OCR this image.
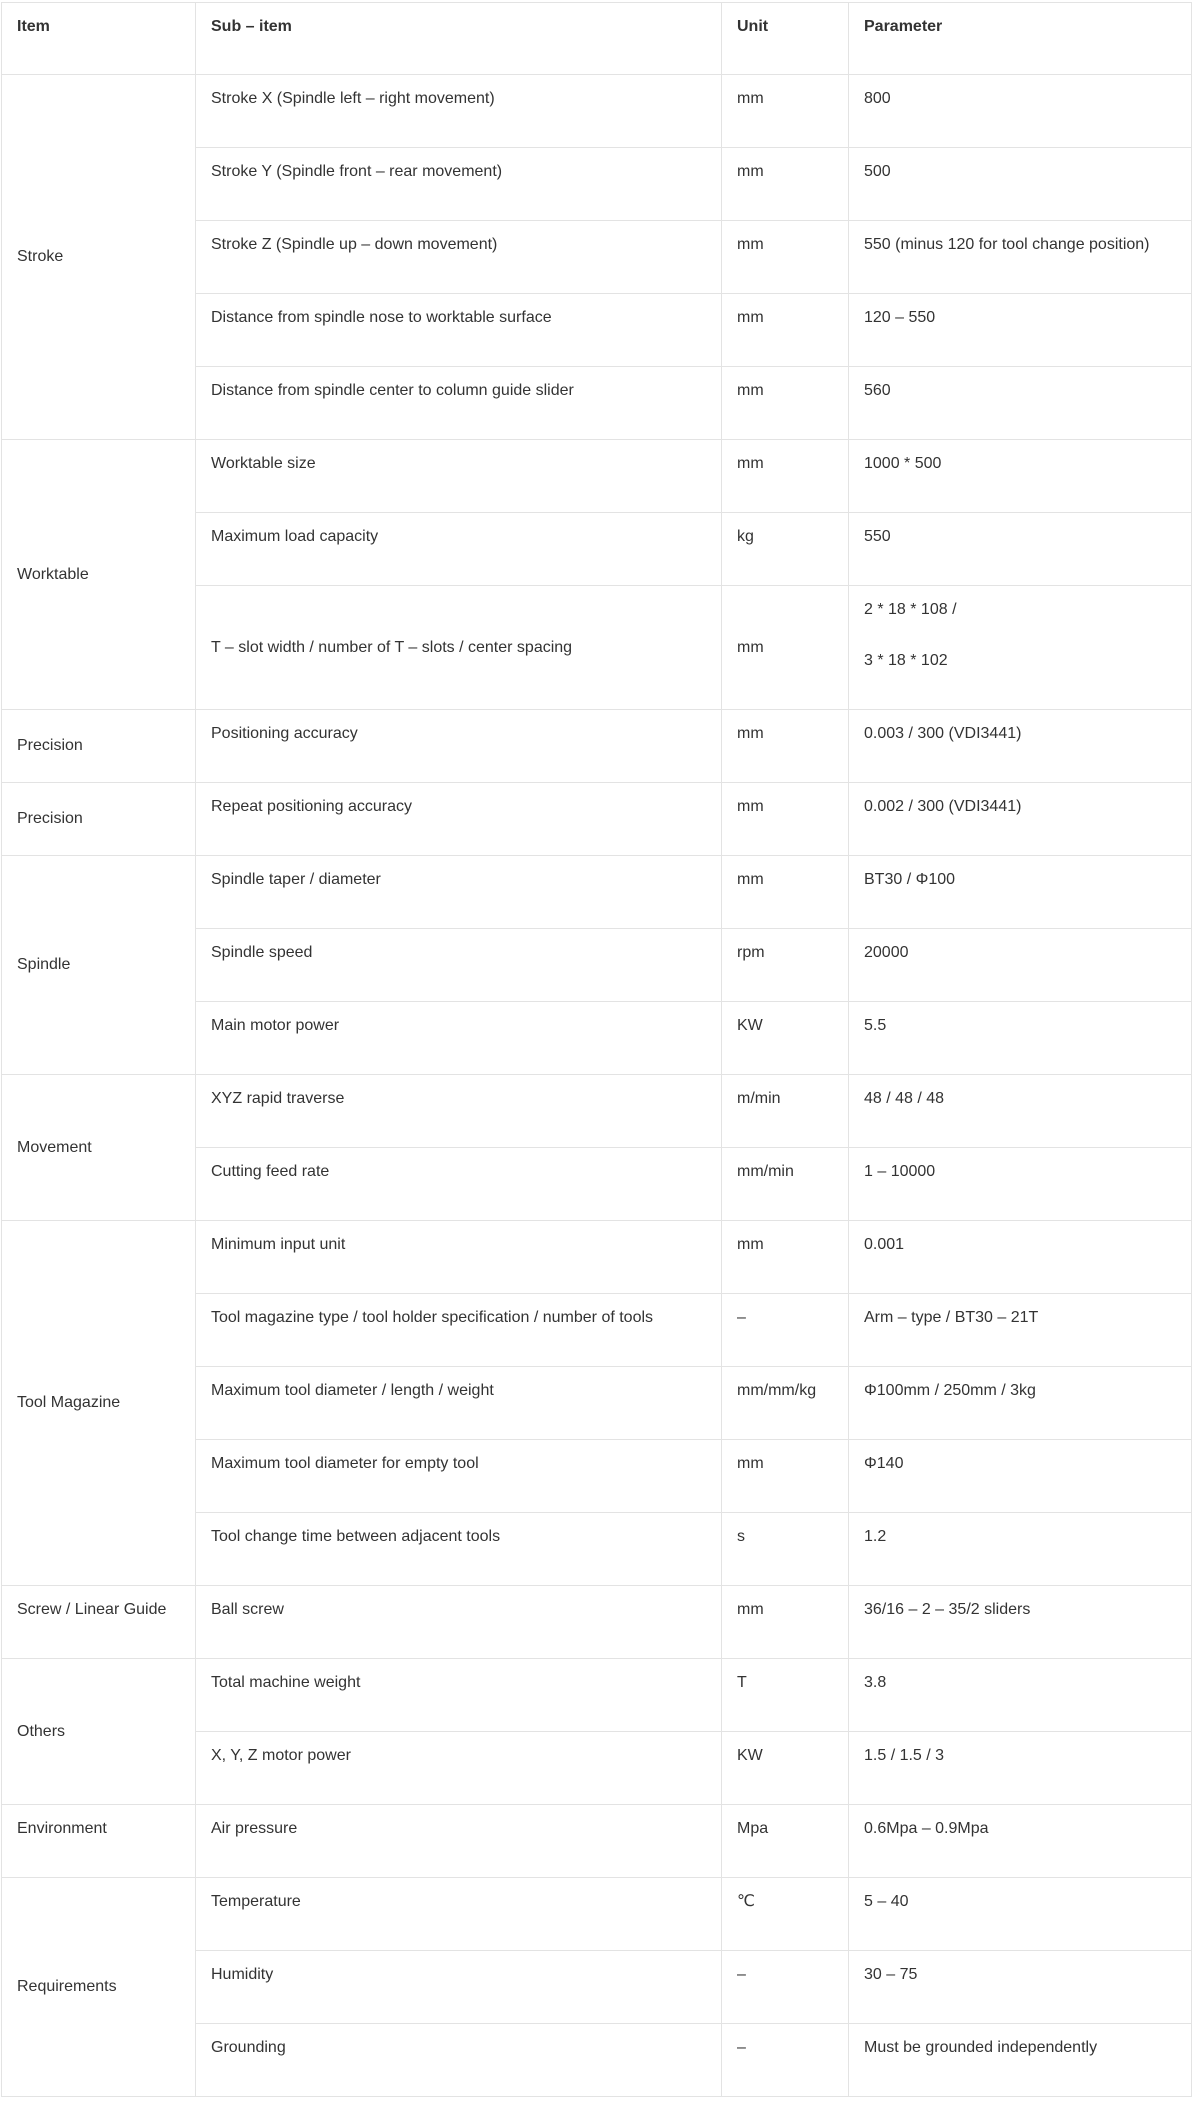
Item	Sub – item	Unit	Parameter
Stroke	Stroke X (Spindle left – right movement)	mm	800
	Stroke Y (Spindle front – rear movement)	mm	500
	Stroke Z (Spindle up – down movement)	mm	550 (minus 120 for tool change position)
	Distance from spindle nose to worktable surface	mm	120 – 550
	Distance from spindle center to column guide slider	mm	560
Worktable	Worktable size	mm	1000 * 500
	Maximum load capacity	kg	550
	T – slot width / number of T – slots / center spacing	mm	2 * 18 * 108 /
3 * 18 * 102

Precision	Positioning accuracy	mm	0.003 / 300 (VDI3441)
Precision	Repeat positioning accuracy	mm	0.002 / 300 (VDI3441)
Spindle	Spindle taper / diameter	mm	BT30 / Φ100
	Spindle speed	rpm	20000
	Main motor power	KW	5.5
Movement	XYZ rapid traverse	m/min	48 / 48 / 48
	Cutting feed rate	mm/min	1 – 10000
Tool Magazine	Minimum input unit	mm	0.001
	Tool magazine type / tool holder specification / number of tools	–	Arm – type / BT30 – 21T
	Maximum tool diameter / length / weight	mm/mm/kg	Φ100mm / 250mm / 3kg
	Maximum tool diameter for empty tool	mm	Φ140
	Tool change time between adjacent tools	s	1.2
Screw / Linear Guide	Ball screw	mm	36/16 – 2 – 35/2 sliders
Others	Total machine weight	T	3.8
	X, Y, Z motor power	KW	1.5 / 1.5 / 3
Environment	Air pressure	Mpa	0.6Mpa – 0.9Mpa
Requirements	Temperature	℃	5 – 40
	Humidity	–	30 – 75
	Grounding	–	Must be grounded independently
